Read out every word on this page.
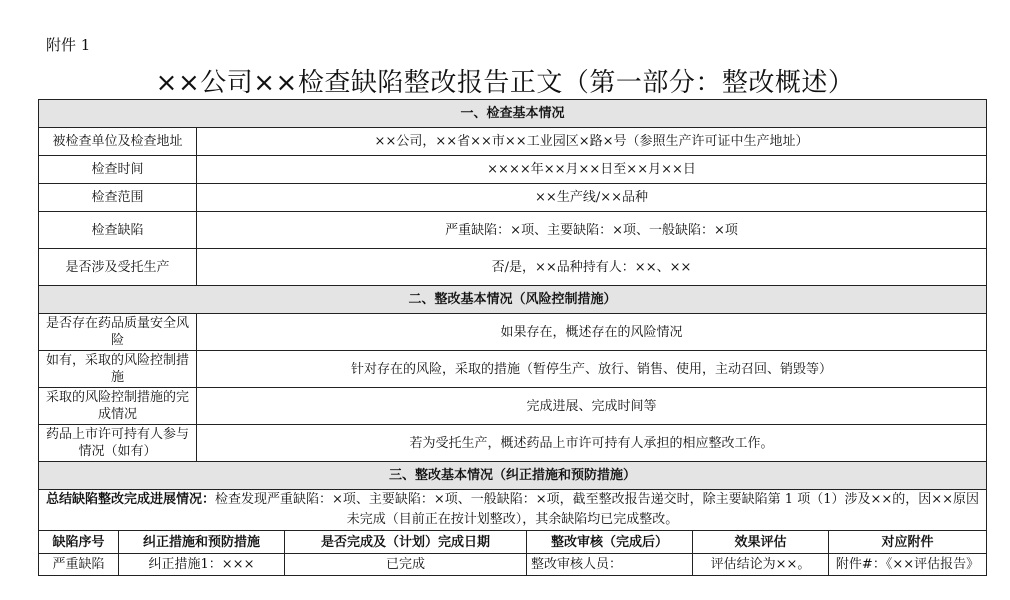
附件 1
××公司××检查缺陷整改报告正文（第一部分：整改概述）
一、检查基本情况						
被检查单位及检查地址		××公司，××省××市××工业园区×路×号（参照生产许可证中生产地址）				
检查时间		××××年××月××日至××月××日				
检查范围		××生产线/××品种				
检查缺陷		严重缺陷：×项、主要缺陷：×项、一般缺陷：×项				
是否涉及受托生产		否/是，××品种持有人：××、××				
二、整改基本情况（风险控制措施）						
是否存在药品质量安全风险		如果存在，概述存在的风险情况				
如有，采取的风险控制措施		针对存在的风险，采取的措施（暂停生产、放行、销售、使用，主动召回、销毁等）				
采取的风险控制措施的完成情况		完成进展、完成时间等				
药品上市许可持有人参与情况（如有）		若为受托生产，概述药品上市许可持有人承担的相应整改工作。				
三、整改基本情况（纠正措施和预防措施）						
总结缺陷整改完成进展情况：检查发现严重缺陷：×项、主要缺陷：×项、一般缺陷：×项，截至整改报告递交时，除主要缺陷第 1 项（1）涉及××的，因××原因未完成（目前正在按计划整改），其余缺陷均已完成整改。						
缺陷序号	纠正措施和预防措施		是否完成及（计划）完成日期	整改审核（完成后）	效果评估	对应附件
严重缺陷	纠正措施1：×××		已完成	整改审核人员：	评估结论为××。	附件#：《××评估报告》
